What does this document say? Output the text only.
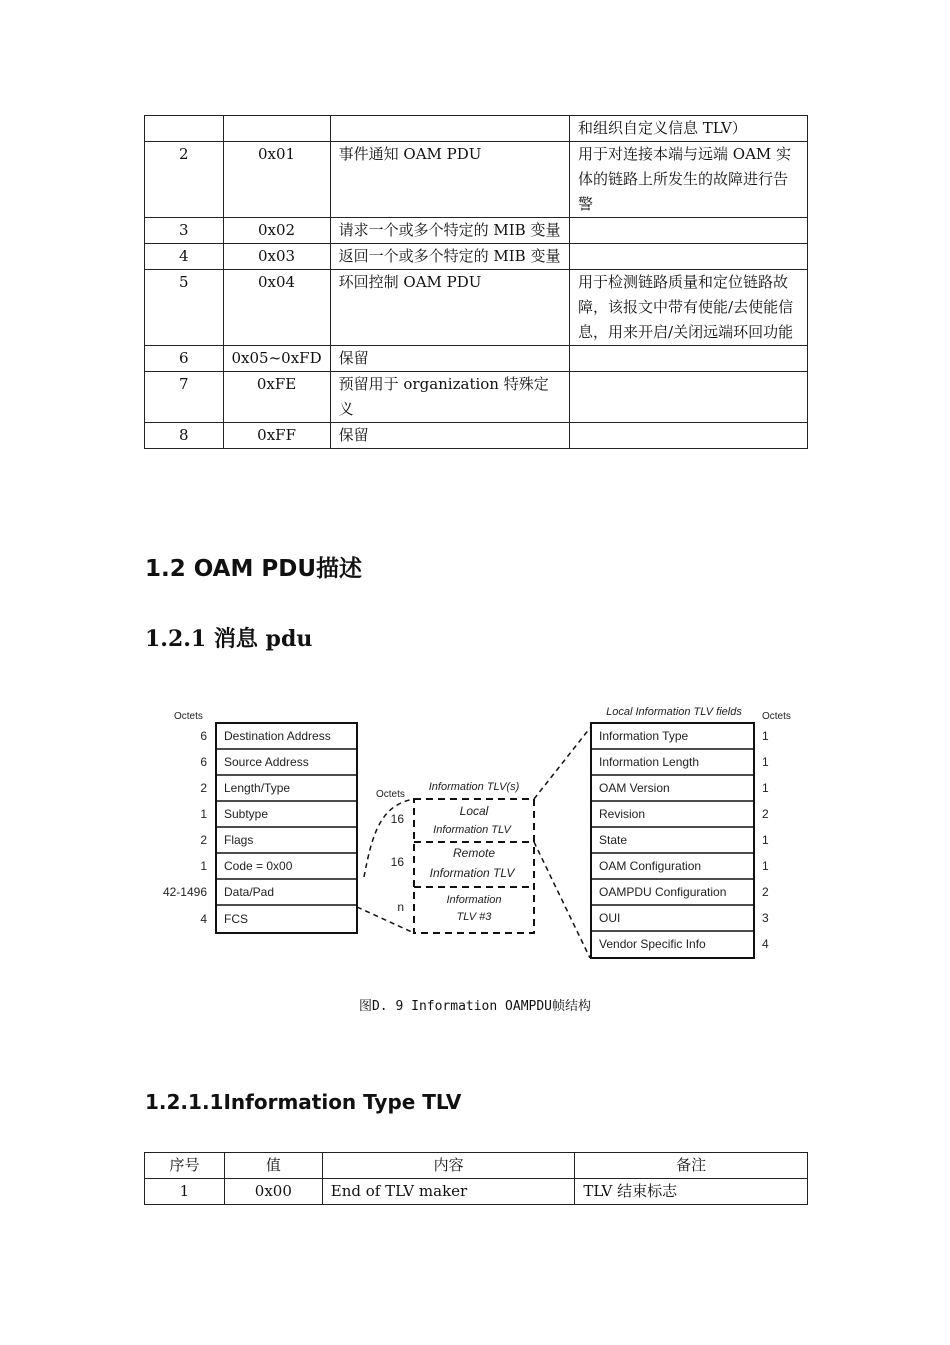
			和组织自定义信息 TLV）
2	0x01	事件通知 OAM PDU	用于对连接本端与远端 OAM 实体的链路上所发生的故障进行告警
3	0x02	请求一个或多个特定的 MIB 变量	
4	0x03	返回一个或多个特定的 MIB 变量	
5	0x04	环回控制 OAM PDU	用于检测链路质量和定位链路故障，该报文中带有使能/去使能信息，用来开启/关闭远端环回功能
6	0x05~0xFD	保留	
7	0xFE	预留用于 organization 特殊定义	
8	0xFF	保留	
1.2 OAM PDU描述
1.2.1 消息 pdu
Octets
6 Destination Address
6 Source Address
2 Length/Type
1 Subtype
2 Flags
1 Code = 0x00
42-1496 Data/Pad
4 FCS
Octets
Information TLV(s)
16
Local
Information TLV
16
Remote
Information TLV
n	Information
TLV #3
Local Information TLV fields Octets
Information Type	1
Information Length	1
OAM Version	1
Revision	2
State	1
OAM Configuration	1
OAMPDU Configuration	2
OUI	3
Vendor Specific Info	4
图D. 9 Information OAMPDU帧结构
1.2.1.1Information Type TLV
序号	值	内容	备注
1	0x00	End of TLV maker	TLV 结束标志
